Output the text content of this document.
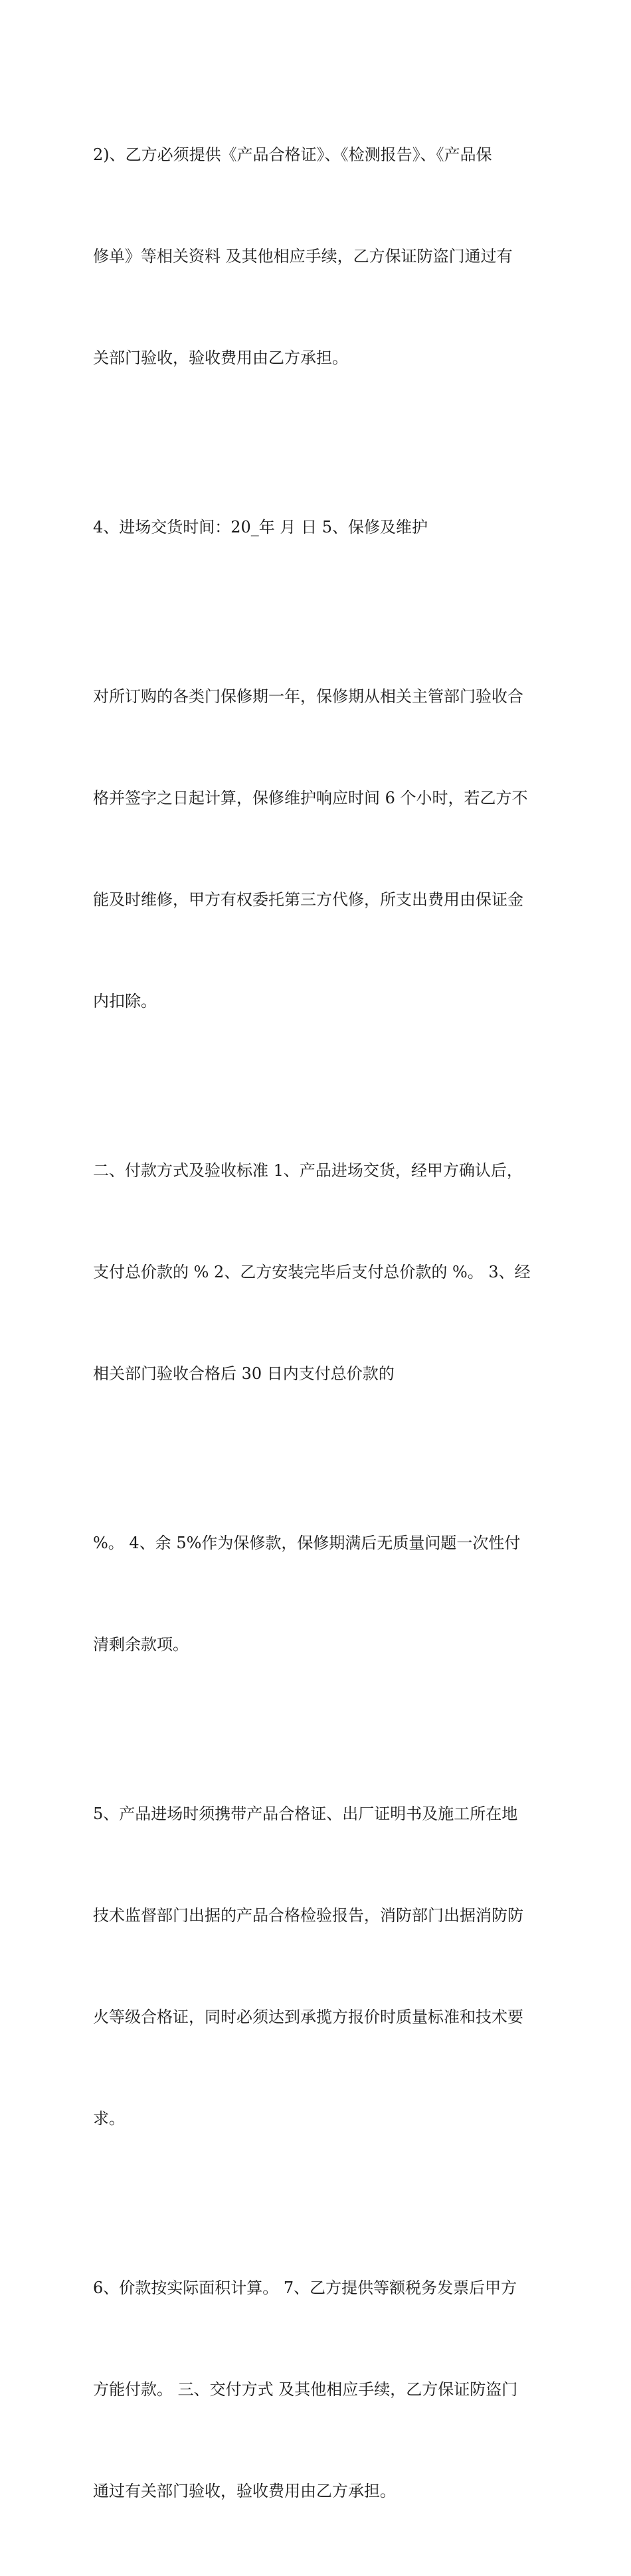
2)、乙方必须提供《产品合格证》、《检测报告》、《产品保

修单》等相关资料 及其他相应手续，乙方保证防盗门通过有

关部门验收，验收费用由乙方承担。

4、进场交货时间：20_年 月 日 5、保修及维护

对所订购的各类门保修期一年，保修期从相关主管部门验收合

格并签字之日起计算，保修维护响应时间 6 个小时，若乙方不

能及时维修，甲方有权委托第三方代修，所支出费用由保证金

内扣除。

二、付款方式及验收标准 1、产品进场交货，经甲方确认后，

支付总价款的 % 2、乙方安装完毕后支付总价款的 %。 3、经

相关部门验收合格后 30 日内支付总价款的

%。 4、余 5%作为保修款，保修期满后无质量问题一次性付

清剩余款项。

5、产品进场时须携带产品合格证、出厂证明书及施工所在地

技术监督部门出据的产品合格检验报告，消防部门出据消防防

火等级合格证，同时必须达到承揽方报价时质量标准和技术要

求。

6、价款按实际面积计算。 7、乙方提供等额税务发票后甲方

方能付款。 三、交付方式 及其他相应手续，乙方保证防盗门

通过有关部门验收，验收费用由乙方承担。
